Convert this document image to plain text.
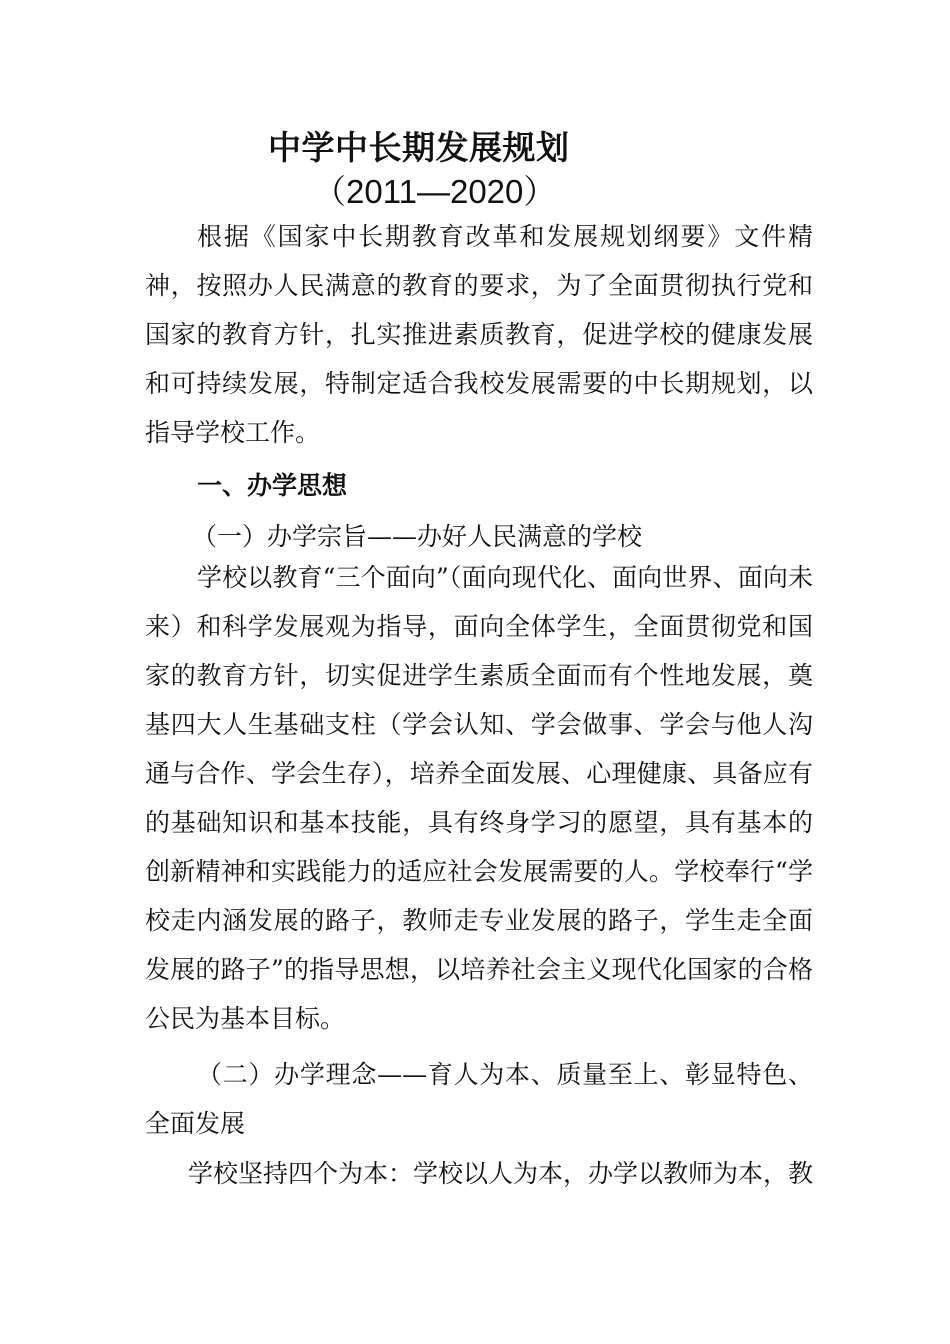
中学中长期发展规划
（2011—2020）

根据《国家中长期教育改革和发展规划纲要》文件精神，按照办人民满意的教育的要求，为了全面贯彻执行党和国家的教育方针，扎实推进素质教育，促进学校的健康发展和可持续发展，特制定适合我校发展需要的中长期规划，以指导学校工作。

一、办学思想
（一）办学宗旨——办好人民满意的学校

学校以教育“三个面向”（面向现代化、面向世界、面向未来）和科学发展观为指导，面向全体学生，全面贯彻党和国家的教育方针，切实促进学生素质全面而有个性地发展，奠基四大人生基础支柱（学会认知、学会做事、学会与他人沟通与合作、学会生存），培养全面发展、心理健康、具备应有的基础知识和基本技能，具有终身学习的愿望，具有基本的创新精神和实践能力的适应社会发展需要的人。学校奉行“学校走内涵发展的路子，教师走专业发展的路子，学生走全面发展的路子”的指导思想，以培养社会主义现代化国家的合格公民为基本目标。

（二）办学理念——育人为本、质量至上、彰显特色、全面发展

学校坚持四个为本：学校以人为本，办学以教师为本，教
